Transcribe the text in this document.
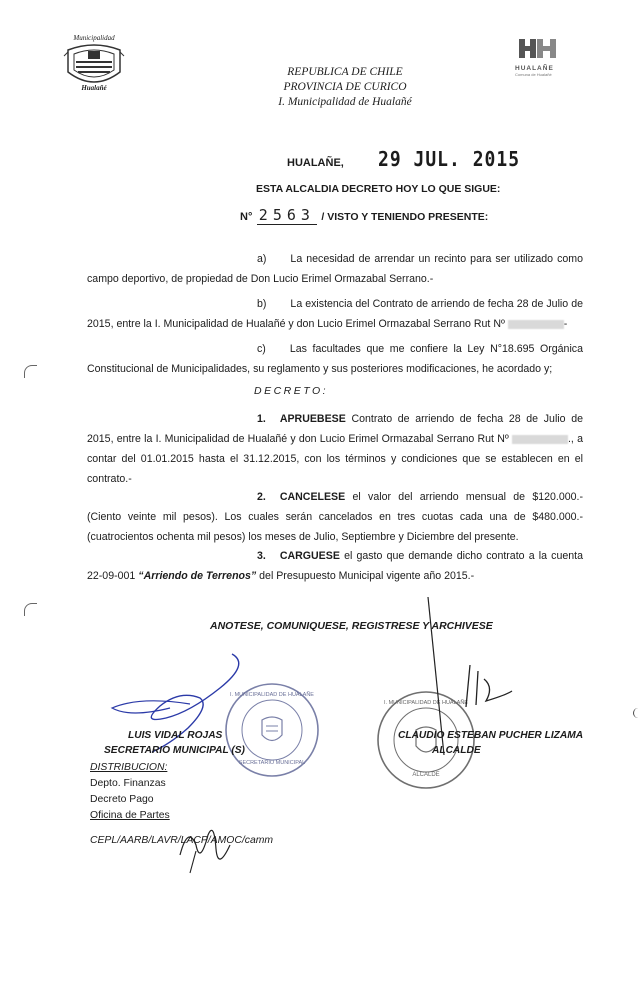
Municipalidad
Hualañé
HUALAÑE
Comuna de Hualañé
REPUBLICA DE CHILE
PROVINCIA DE CURICO
I. Municipalidad de Hualañé
HUALAÑE, 29 JUL. 2015
ESTA ALCALDIA DECRETO HOY LO QUE SIGUE:
N° 2563 / VISTO Y TENIENDO PRESENTE:
a) La necesidad de arrendar un recinto para ser utilizado como campo deportivo, de propiedad de Don Lucio Erimel Ormazabal Serrano.-
b) La existencia del Contrato de arriendo de fecha 28 de Julio de 2015, entre la I. Municipalidad de Hualañé y don Lucio Erimel Ormazabal Serrano Rut Nº	-
c) Las facultades que me confiere la Ley N°18.695 Orgánica Constitucional de Municipalidades, su reglamento y sus posteriores modificaciones, he acordado y;
DECRETO:
1. APRUEBESE Contrato de arriendo de fecha 28 de Julio de 2015, entre la I. Municipalidad de Hualañé y don Lucio Erimel Ormazabal Serrano Rut Nº	., a contar del 01.01.2015 hasta el 31.12.2015, con los términos y condiciones que se establecen en el contrato.-
2. CANCELESE el valor del arriendo mensual de $120.000.- (Ciento veinte mil pesos). Los cuales serán cancelados en tres cuotas cada una de $480.000.- (cuatrocientos ochenta mil pesos) los meses de Julio, Septiembre y Diciembre del presente.
3. CARGUESE el gasto que demande dicho contrato a la cuenta 22-09-001 “Arriendo de Terrenos” del Presupuesto Municipal vigente año 2015.-
ANOTESE, COMUNIQUESE, REGISTRESE Y ARCHIVESE
I. MUNICIPALIDAD DE HUALAÑE
SECRETARIO MUNICIPAL
I. MUNICIPALIDAD DE HUALAÑE
ALCALDE
LUIS VIDAL ROJAS
SECRETARIO MUNICIPAL (S)
CLAUDIO ESTEBAN PUCHER LIZAMA
ALCALDE
DISTRIBUCION:
Depto. Finanzas
Decreto Pago
Oficina de Partes
CEPL/AARB/LAVR/LACP/AMOC/camm
